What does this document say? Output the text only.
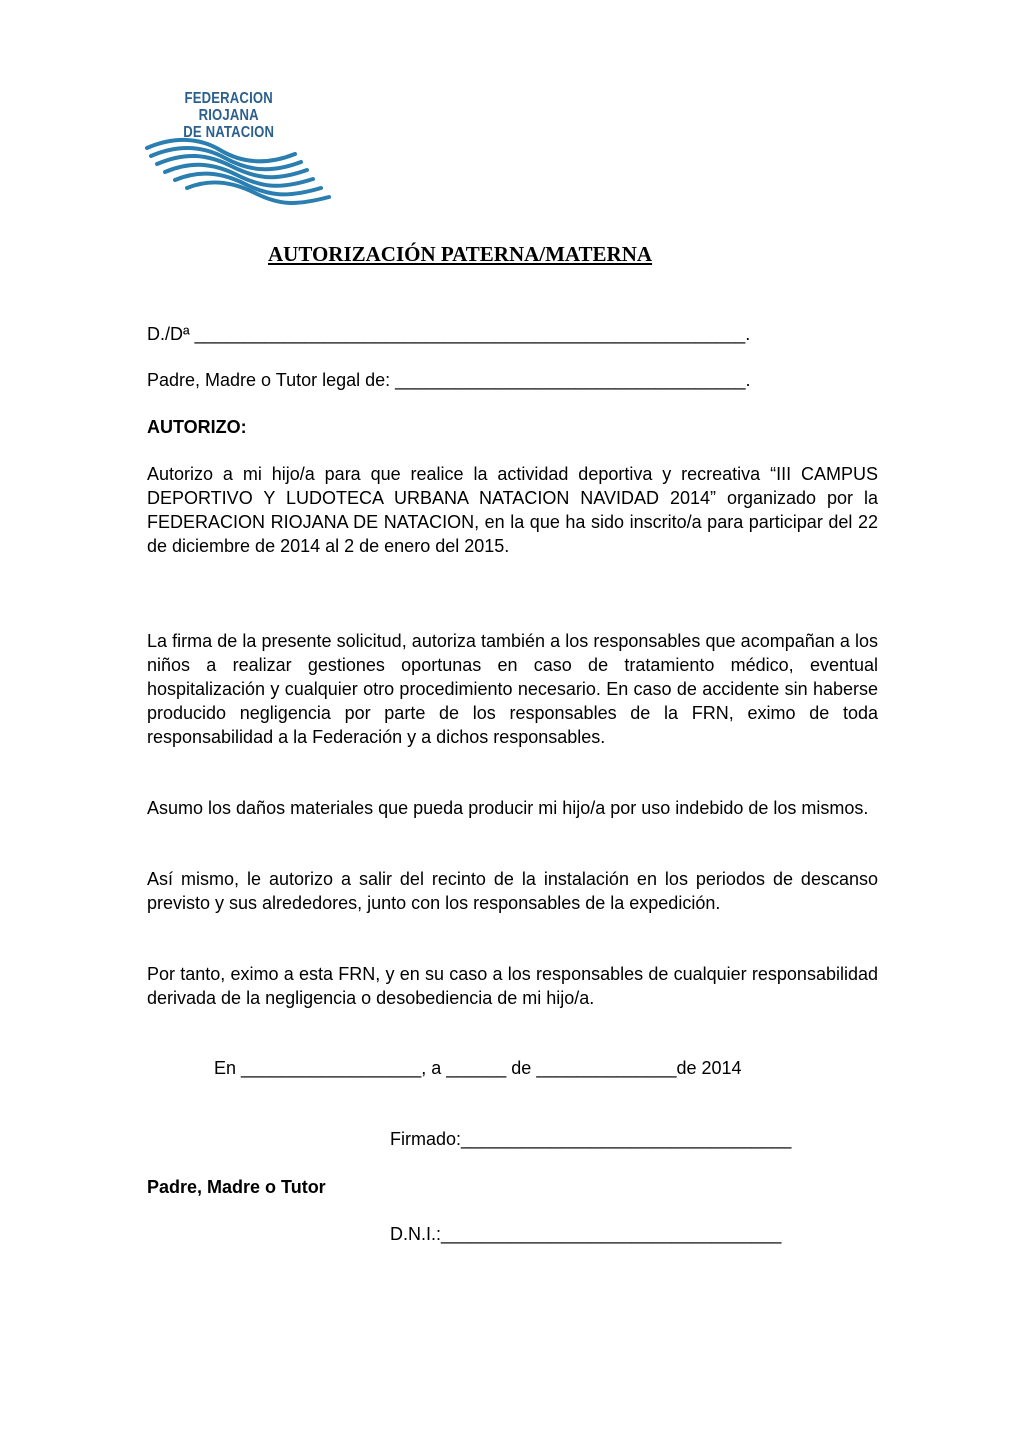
FEDERACION RIOJANA
DE NATACION
AUTORIZACIÓN PATERNA/MATERNA
D./Dª _______________________________________________________.
Padre, Madre o Tutor legal de: ___________________________________.
AUTORIZO:
Autorizo a mi hijo/a para que realice la actividad deportiva y recreativa “III CAMPUS DEPORTIVO Y LUDOTECA URBANA NATACION NAVIDAD 2014” organizado por la FEDERACION RIOJANA DE NATACION, en la que ha sido inscrito/a para participar del 22 de diciembre de 2014 al 2 de enero del 2015.
La firma de la presente solicitud, autoriza también a los responsables que acompañan a los niños a realizar gestiones oportunas en caso de tratamiento médico, eventual hospitalización y cualquier otro procedimiento necesario. En caso de accidente sin haberse producido negligencia por parte de los responsables de la FRN, eximo de toda responsabilidad a la Federación y a dichos responsables.
Asumo los daños materiales que pueda producir mi hijo/a por uso indebido de los mismos.
Así mismo, le autorizo a salir del recinto de la instalación en los periodos de descanso previsto y sus alrededores, junto con los responsables de la expedición.
Por tanto, eximo a esta FRN, y en su caso a los responsables de cualquier responsabilidad derivada de la negligencia o desobediencia de mi hijo/a.
En __________________, a ______ de ______________de 2014
Firmado:_________________________________
Padre, Madre o Tutor
D.N.I.:__________________________________
